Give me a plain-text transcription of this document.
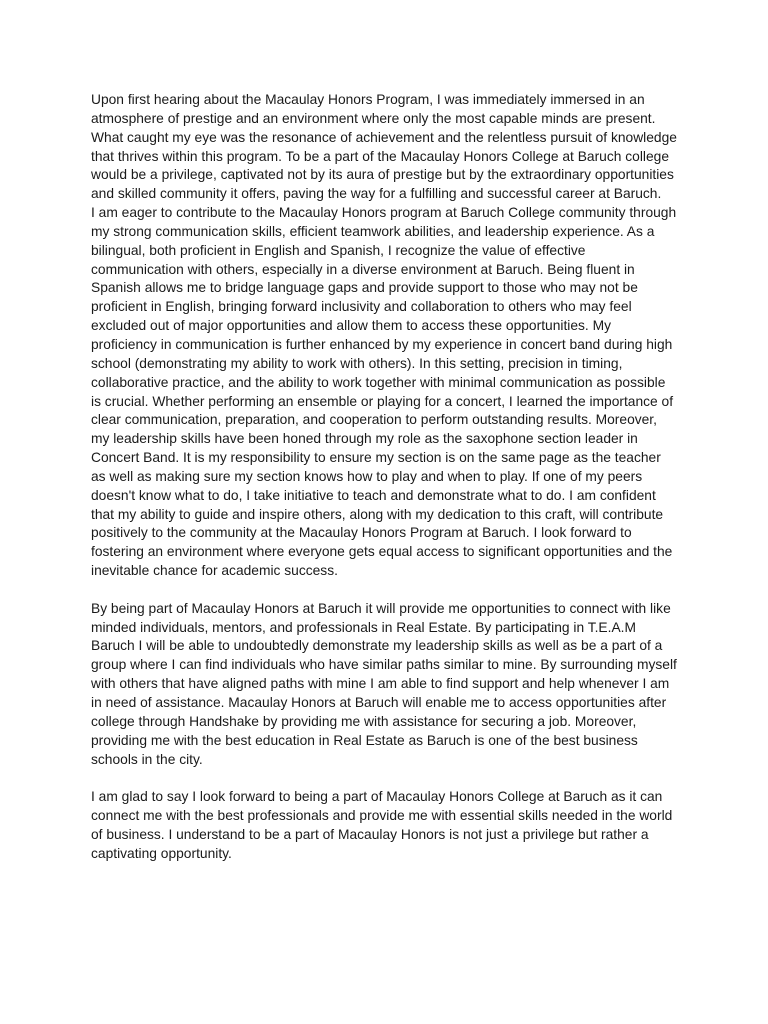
Upon first hearing about the Macaulay Honors Program, I was immediately immersed in an
atmosphere of prestige and an environment where only the most capable minds are present.
What caught my eye was the resonance of achievement and the relentless pursuit of knowledge
that thrives within this program. To be a part of the Macaulay Honors College at Baruch college
would be a privilege, captivated not by its aura of prestige but by the extraordinary opportunities
and skilled community it offers, paving the way for a fulfilling and successful career at Baruch.
I am eager to contribute to the Macaulay Honors program at Baruch College community through
my strong communication skills, efficient teamwork abilities, and leadership experience. As a
bilingual, both proficient in English and Spanish, I recognize the value of effective
communication with others, especially in a diverse environment at Baruch. Being fluent in
Spanish allows me to bridge language gaps and provide support to those who may not be
proficient in English, bringing forward inclusivity and collaboration to others who may feel
excluded out of major opportunities and allow them to access these opportunities. My
proficiency in communication is further enhanced by my experience in concert band during high
school (demonstrating my ability to work with others). In this setting, precision in timing,
collaborative practice, and the ability to work together with minimal communication as possible
is crucial. Whether performing an ensemble or playing for a concert, I learned the importance of
clear communication, preparation, and cooperation to perform outstanding results. Moreover,
my leadership skills have been honed through my role as the saxophone section leader in
Concert Band. It is my responsibility to ensure my section is on the same page as the teacher
as well as making sure my section knows how to play and when to play. If one of my peers
doesn't know what to do, I take initiative to teach and demonstrate what to do. I am confident
that my ability to guide and inspire others, along with my dedication to this craft, will contribute
positively to the community at the Macaulay Honors Program at Baruch. I look forward to
fostering an environment where everyone gets equal access to significant opportunities and the
inevitable chance for academic success.

By being part of Macaulay Honors at Baruch it will provide me opportunities to connect with like
minded individuals, mentors, and professionals in Real Estate. By participating in T.E.A.M
Baruch I will be able to undoubtedly demonstrate my leadership skills as well as be a part of a
group where I can find individuals who have similar paths similar to mine. By surrounding myself
with others that have aligned paths with mine I am able to find support and help whenever I am
in need of assistance. Macaulay Honors at Baruch will enable me to access opportunities after
college through Handshake by providing me with assistance for securing a job. Moreover,
providing me with the best education in Real Estate as Baruch is one of the best business
schools in the city.

I am glad to say I look forward to being a part of Macaulay Honors College at Baruch as it can
connect me with the best professionals and provide me with essential skills needed in the world
of business. I understand to be a part of Macaulay Honors is not just a privilege but rather a
captivating opportunity.
